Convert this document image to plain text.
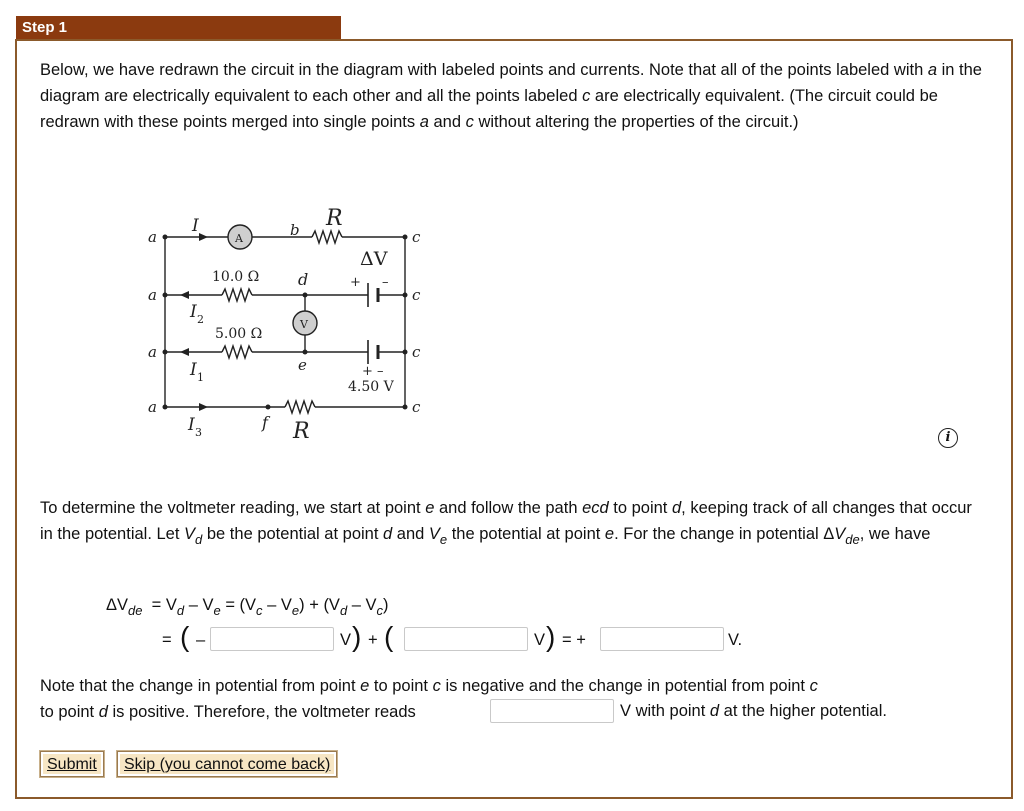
Step 1
Below, we have redrawn the circuit in the diagram with labeled points and currents. Note that all of the points labeled with a in the diagram are electrically equivalent to each other and all the points labeled c are electrically equivalent. (The circuit could be redrawn with these points merged into single points a and c without altering the properties of the circuit.)
A
V
a
a
a
a
c
c
c
c
I
I 2
I 1
I 3
b R
d
e
f R
ΔV
10.0 Ω
5.00 Ω
4.50 V
+ –
+ –
i
To determine the voltmeter reading, we start at point e and follow the path ecd to point d, keeping track of all changes that occur in the potential. Let $V_d$ be the potential at point d and $V_e$ the potential at point e. For the change in potential $\Delta V_{de}$, we have
$\Delta V_{de} = V_d - V_e = (V_c - V_e) + (V_d - V_c)$
= ( –	V ) + (	V ) = +	V.
Note that the change in potential from point e to point c is negative and the change in potential from point c
to point d is positive. Therefore, the voltmeter reads	V with point d at the higher potential.
Submit	Skip (you cannot come back)
